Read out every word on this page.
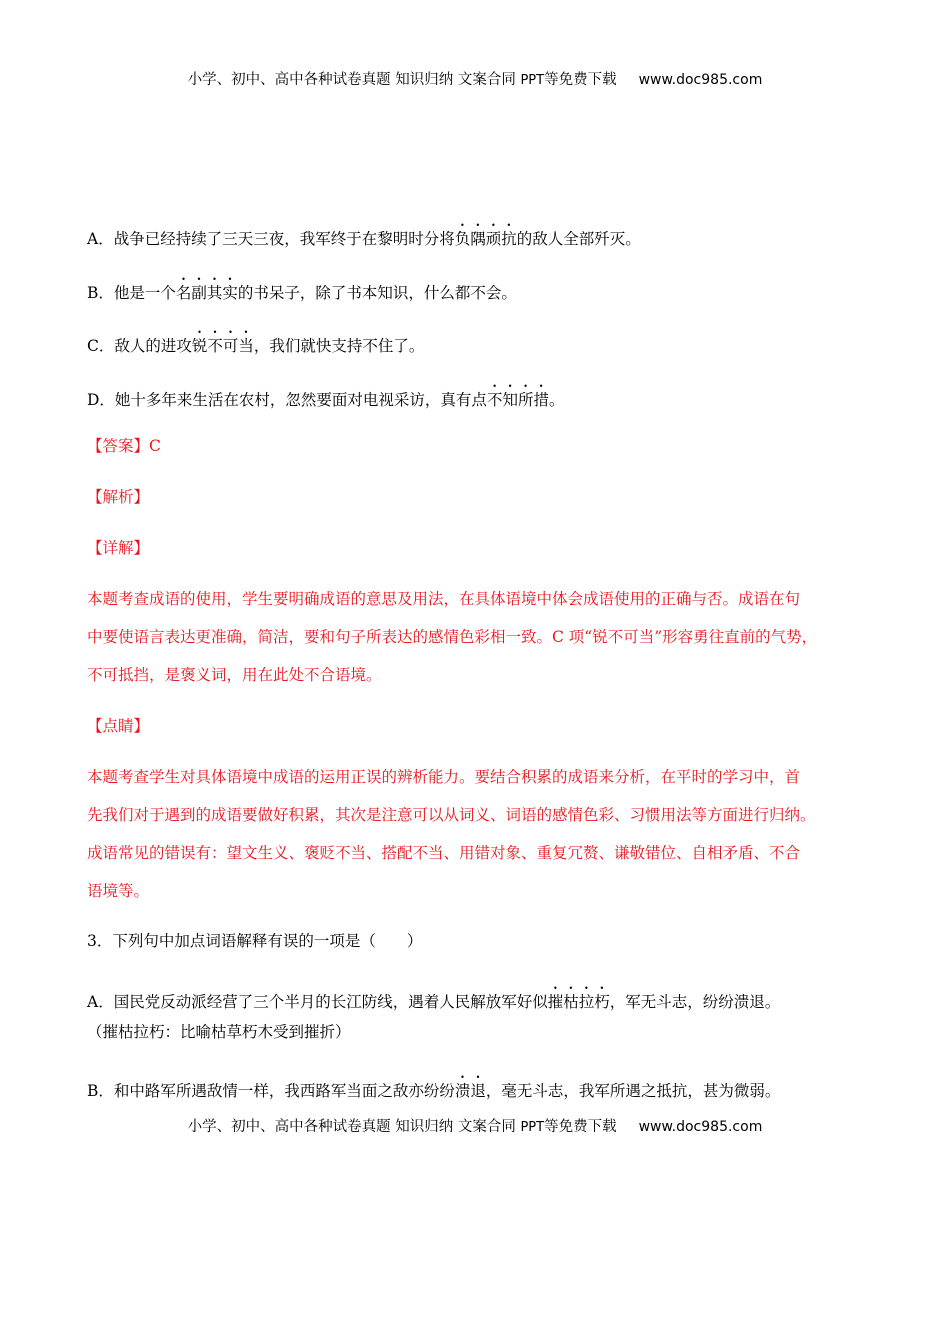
小学、初中、高中各种试卷真题 知识归纳 文案合同 PPT等免费下载 www.doc985.com
A．战争已经持续了三天三夜，我军终于在黎明时分将负隅顽抗的敌人全部歼灭。
B．他是一个名副其实的书呆子，除了书本知识，什么都不会。
C．敌人的进攻锐不可当，我们就快支持不住了。
D．她十多年来生活在农村，忽然要面对电视采访，真有点不知所措。
【答案】C
【解析】
【详解】
本题考查成语的使用，学生要明确成语的意思及用法，在具体语境中体会成语使用的正确与否。成语在句
中要使语言表达更准确，简洁，要和句子所表达的感情色彩相一致。C 项“锐不可当”形容勇往直前的气势，
不可抵挡，是褒义词，用在此处不合语境。
【点睛】
本题考查学生对具体语境中成语的运用正误的辨析能力。要结合积累的成语来分析，在平时的学习中，首
先我们对于遇到的成语要做好积累，其次是注意可以从词义、词语的感情色彩、习惯用法等方面进行归纳。
成语常见的错误有：望文生义、褒贬不当、搭配不当、用错对象、重复冗赘、谦敬错位、自相矛盾、不合
语境等。
3．下列句中加点词语解释有误的一项是（　　）
A．国民党反动派经营了三个半月的长江防线，遇着人民解放军好似摧枯拉朽，军无斗志，纷纷溃退。
（摧枯拉朽：比喻枯草朽木受到摧折）
B．和中路军所遇敌情一样，我西路军当面之敌亦纷纷溃退，毫无斗志，我军所遇之抵抗，甚为微弱。
小学、初中、高中各种试卷真题 知识归纳 文案合同 PPT等免费下载 www.doc985.com
